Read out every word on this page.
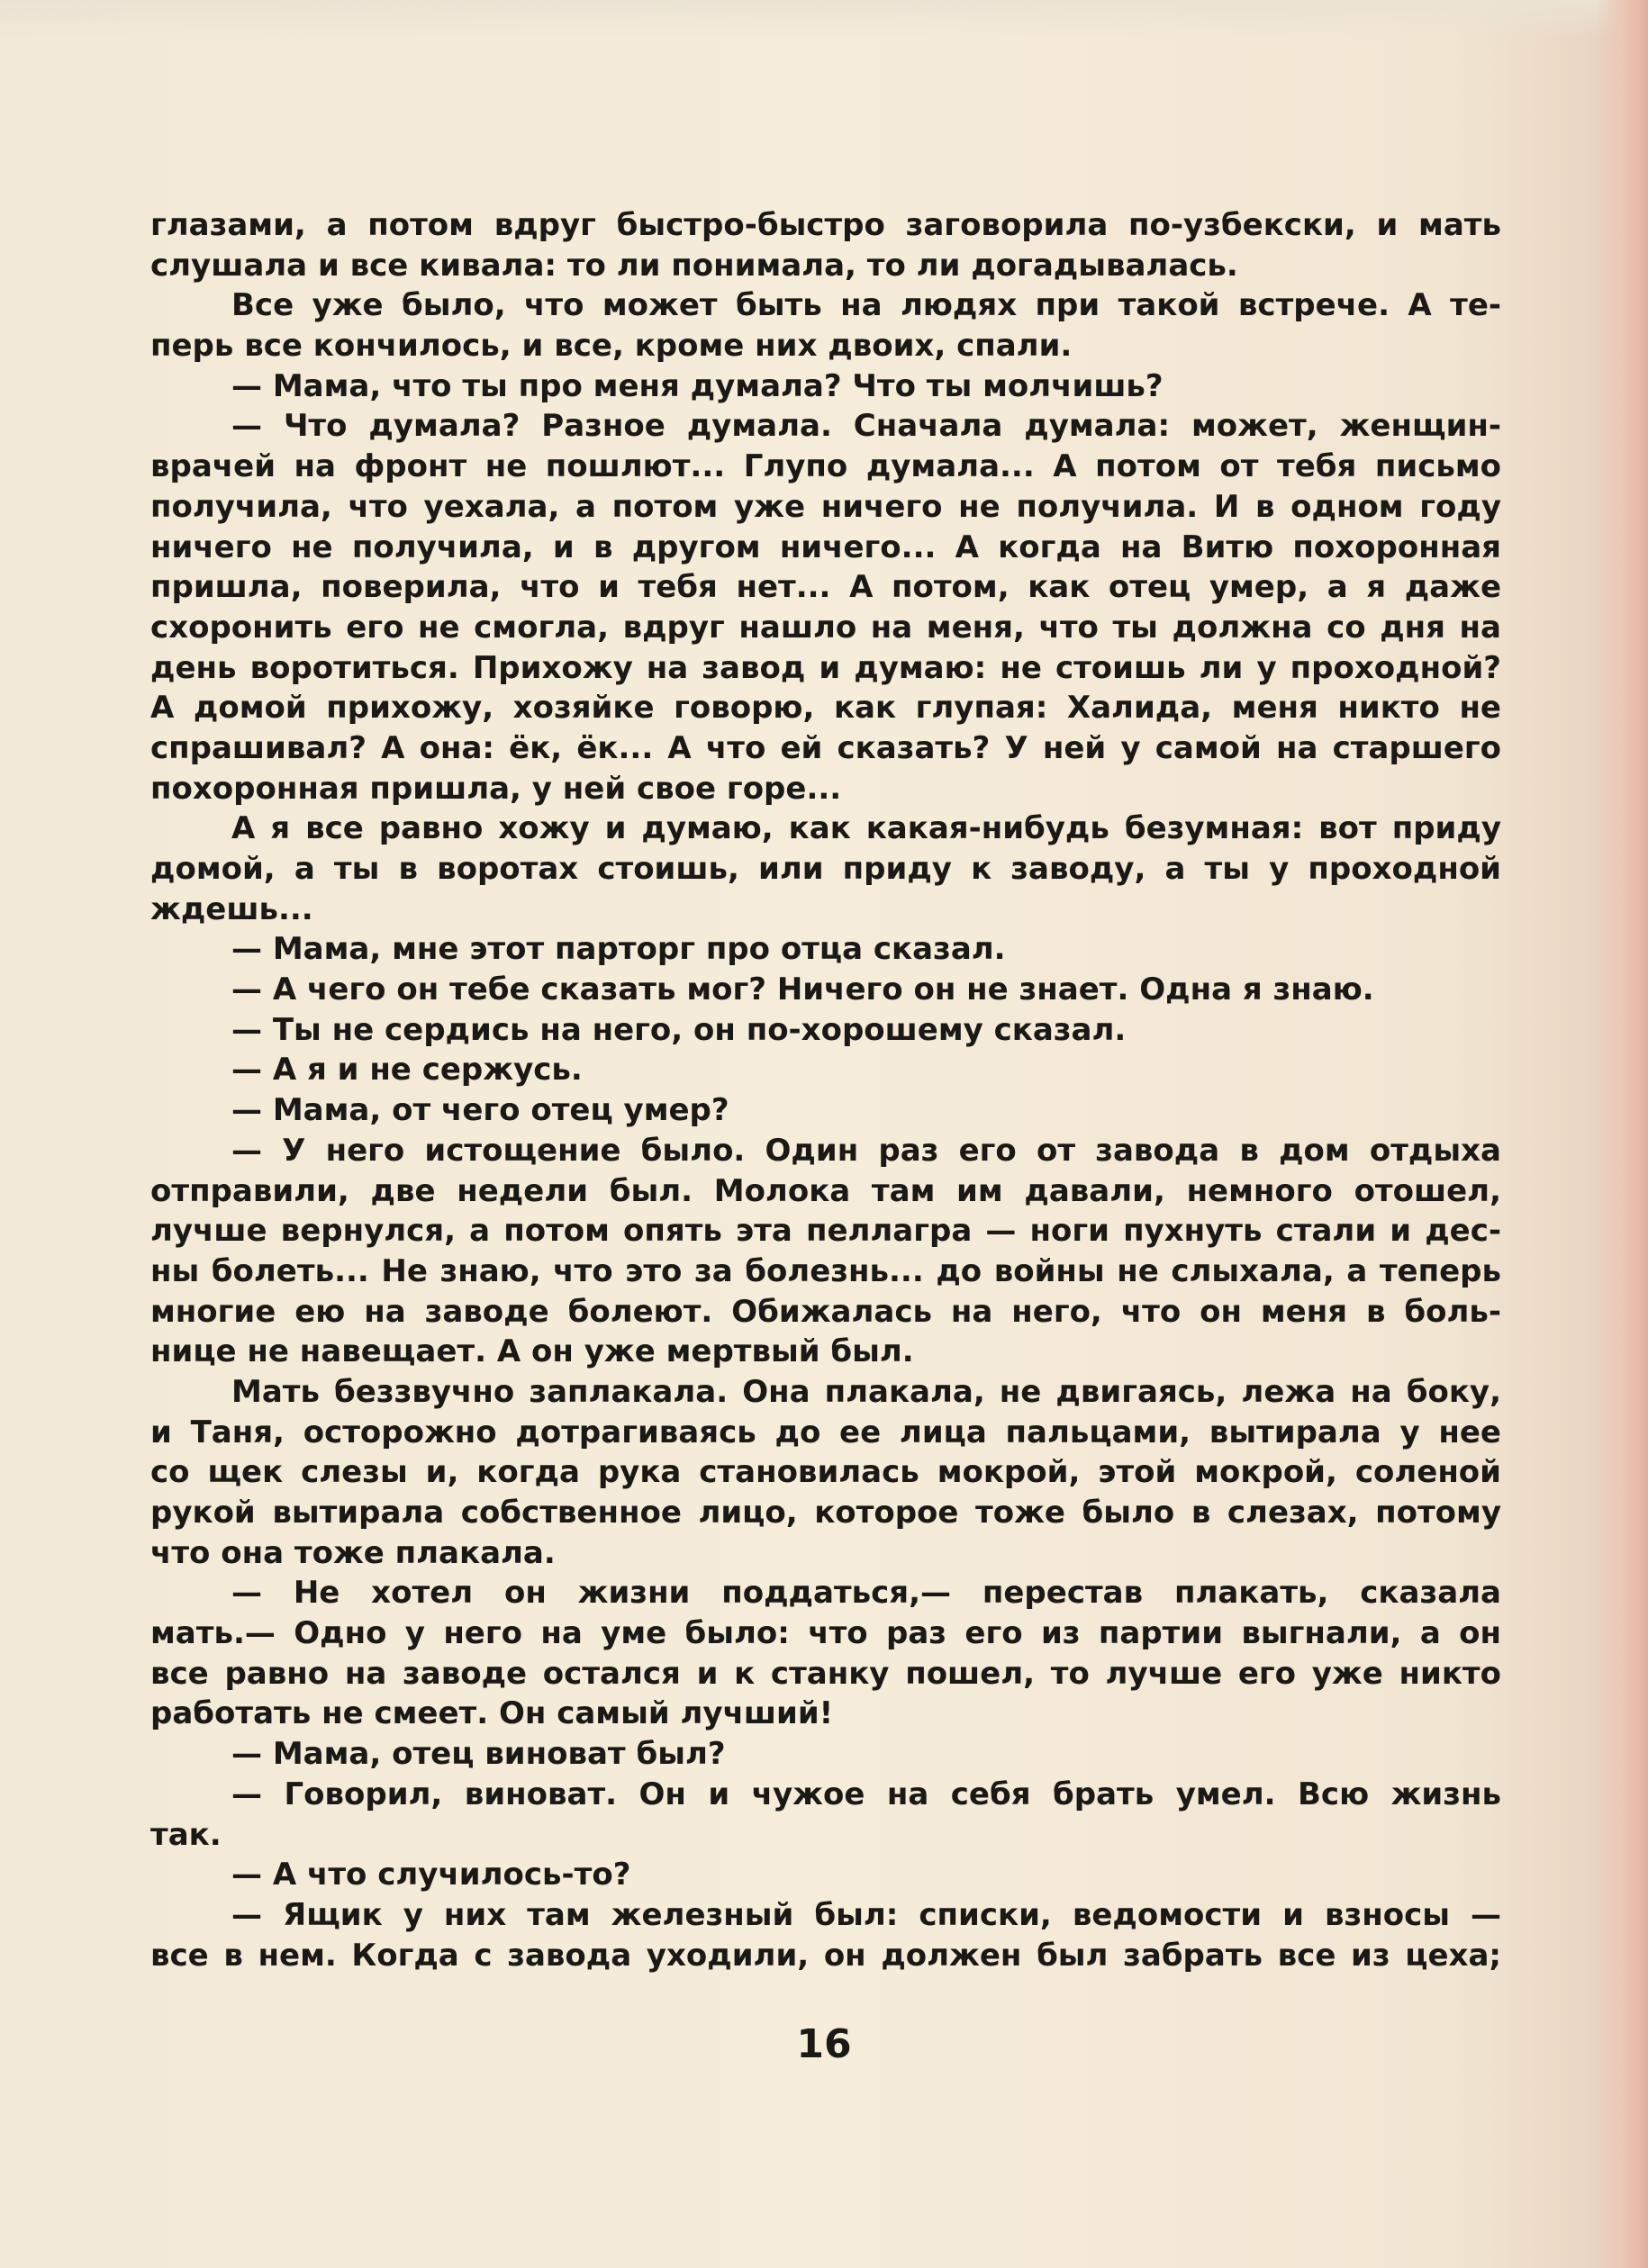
глазами, а потом вдруг быстро-быстро заговорила по-узбекски, и мать
слушала и все кивала: то ли понимала, то ли догадывалась.
Все уже было, что может быть на людях при такой встрече. А те-
перь все кончилось, и все, кроме них двоих, спали.
— Мама, что ты про меня думала? Что ты молчишь?
— Что думала? Разное думала. Сначала думала: может, женщин-
врачей на фронт не пошлют... Глупо думала... А потом от тебя письмо
получила, что уехала, а потом уже ничего не получила. И в одном году
ничего не получила, и в другом ничего... А когда на Витю похоронная
пришла, поверила, что и тебя нет... А потом, как отец умер, а я даже
схоронить его не смогла, вдруг нашло на меня, что ты должна со дня на
день воротиться. Прихожу на завод и думаю: не стоишь ли у проходной?
А домой прихожу, хозяйке говорю, как глупая: Халида, меня никто не
спрашивал? А она: ёк, ёк... А что ей сказать? У ней у самой на старшего
похоронная пришла, у ней свое горе...
А я все равно хожу и думаю, как какая-нибудь безумная: вот приду
домой, а ты в воротах стоишь, или приду к заводу, а ты у проходной
ждешь...
— Мама, мне этот парторг про отца сказал.
— А чего он тебе сказать мог? Ничего он не знает. Одна я знаю.
— Ты не сердись на него, он по-хорошему сказал.
— А я и не сержусь.
— Мама, от чего отец умер?
— У него истощение было. Один раз его от завода в дом отдыха
отправили, две недели был. Молока там им давали, немного отошел,
лучше вернулся, а потом опять эта пеллагра — ноги пухнуть стали и дес-
ны болеть... Не знаю, что это за болезнь... до войны не слыхала, а теперь
многие ею на заводе болеют. Обижалась на него, что он меня в боль-
нице не навещает. А он уже мертвый был.
Мать беззвучно заплакала. Она плакала, не двигаясь, лежа на боку,
и Таня, осторожно дотрагиваясь до ее лица пальцами, вытирала у нее
со щек слезы и, когда рука становилась мокрой, этой мокрой, соленой
рукой вытирала собственное лицо, которое тоже было в слезах, потому
что она тоже плакала.
— Не хотел он жизни поддаться,— перестав плакать, сказала
мать.— Одно у него на уме было: что раз его из партии выгнали, а он
все равно на заводе остался и к станку пошел, то лучше его уже никто
работать не смеет. Он самый лучший!
— Мама, отец виноват был?
— Говорил, виноват. Он и чужое на себя брать умел. Всю жизнь
так.
— А что случилось-то?
— Ящик у них там железный был: списки, ведомости и взносы —
все в нем. Когда с завода уходили, он должен был забрать все из цеха;
16
